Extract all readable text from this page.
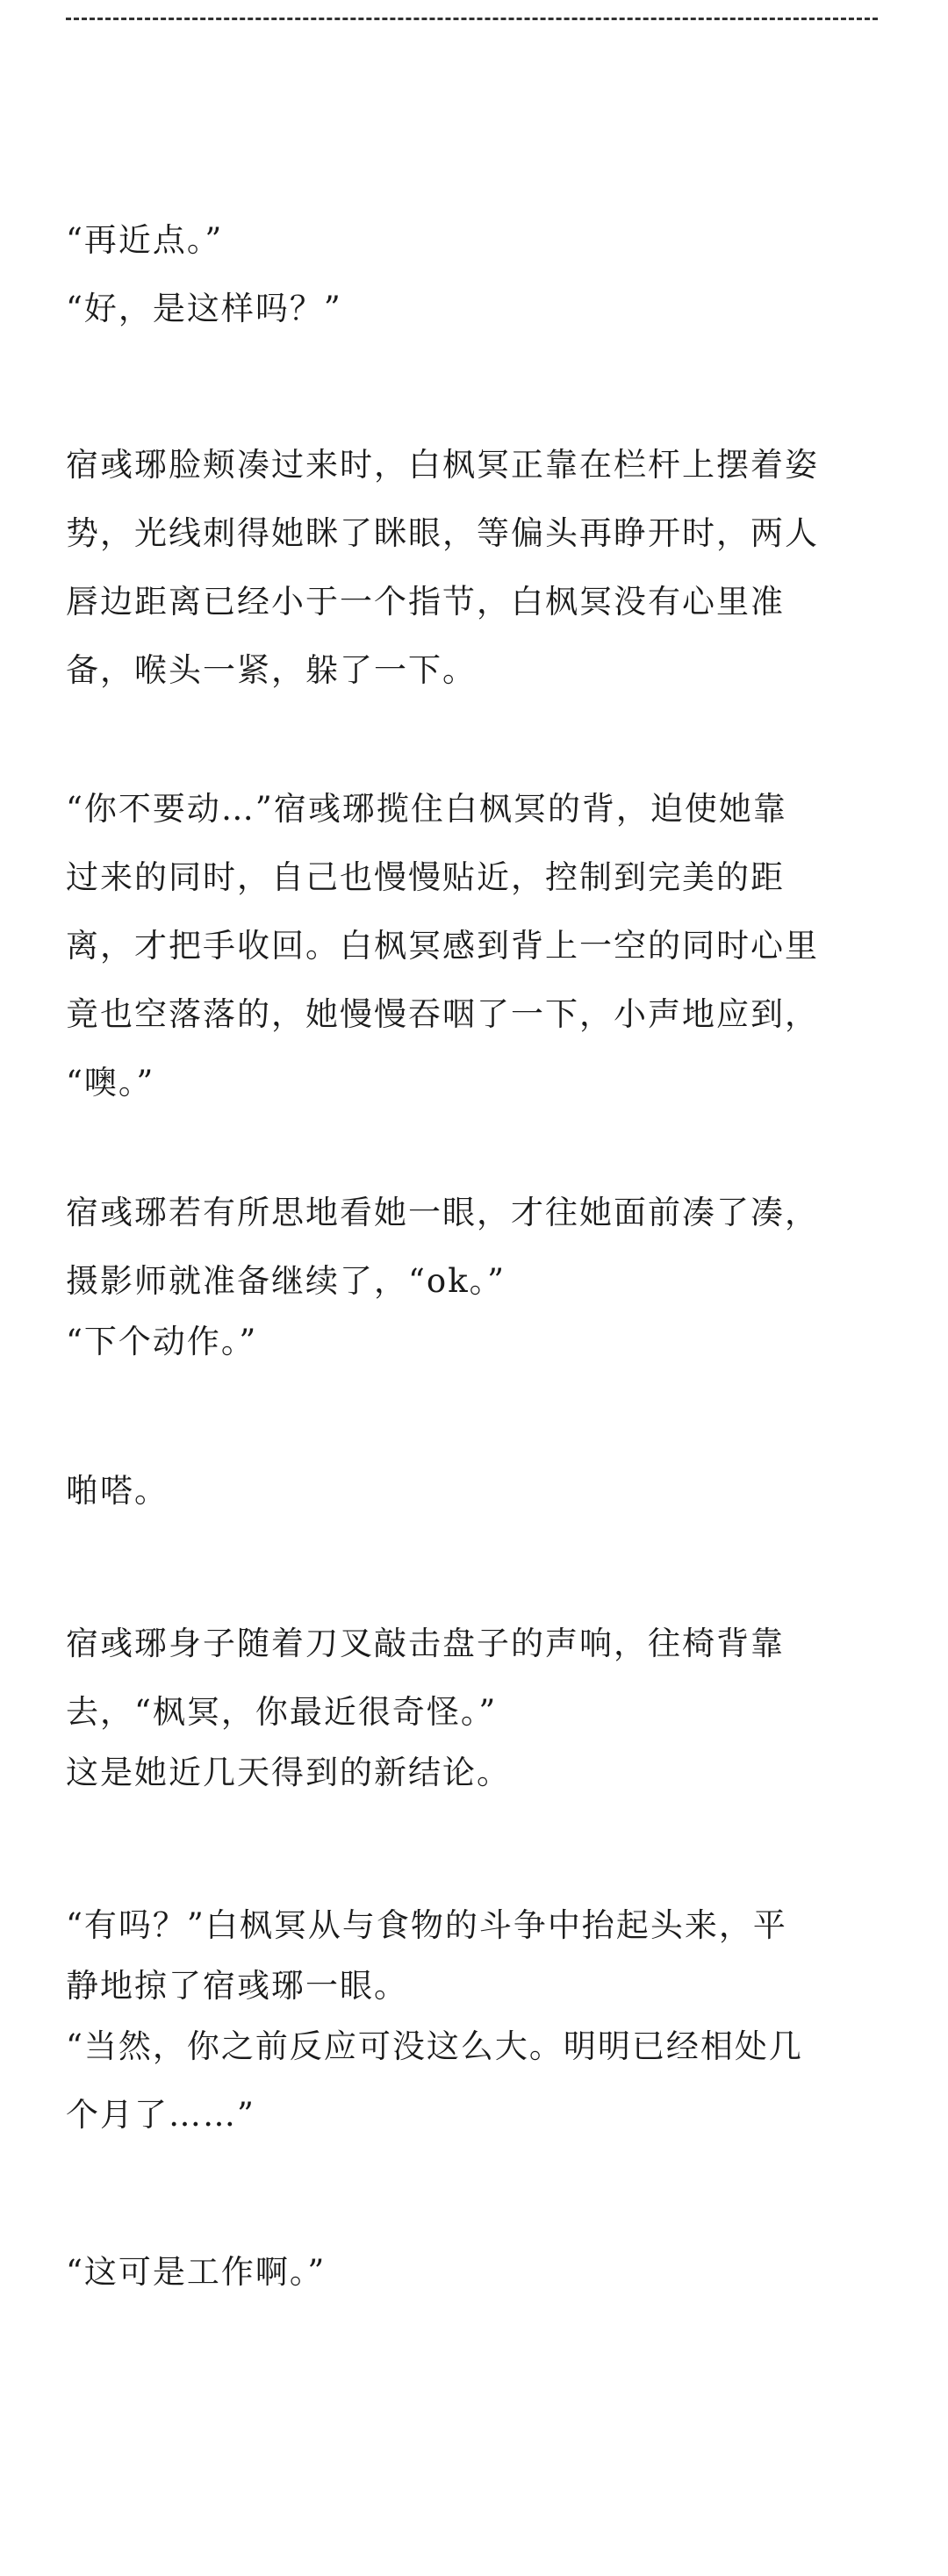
“再近点。”

“好，是这样吗？”

宿彧琊脸颊凑过来时，白枫冥正靠在栏杆上摆着姿

势，光线刺得她眯了眯眼，等偏头再睁开时，两人

唇边距离已经小于一个指节，白枫冥没有心里准

备，喉头一紧，躲了一下。

“你不要动…”宿彧琊揽住白枫冥的背，迫使她靠

过来的同时，自己也慢慢贴近，控制到完美的距

离，才把手收回。白枫冥感到背上一空的同时心里

竟也空落落的，她慢慢吞咽了一下，小声地应到，

“噢。”

宿彧琊若有所思地看她一眼，才往她面前凑了凑，

摄影师就准备继续了，“ok。”

“下个动作。”

啪嗒。

宿彧琊身子随着刀叉敲击盘子的声响，往椅背靠

去，“枫冥，你最近很奇怪。”

这是她近几天得到的新结论。

“有吗？”白枫冥从与食物的斗争中抬起头来，平

静地掠了宿彧琊一眼。

“当然，你之前反应可没这么大。明明已经相处几

个月了……”

“这可是工作啊。”
